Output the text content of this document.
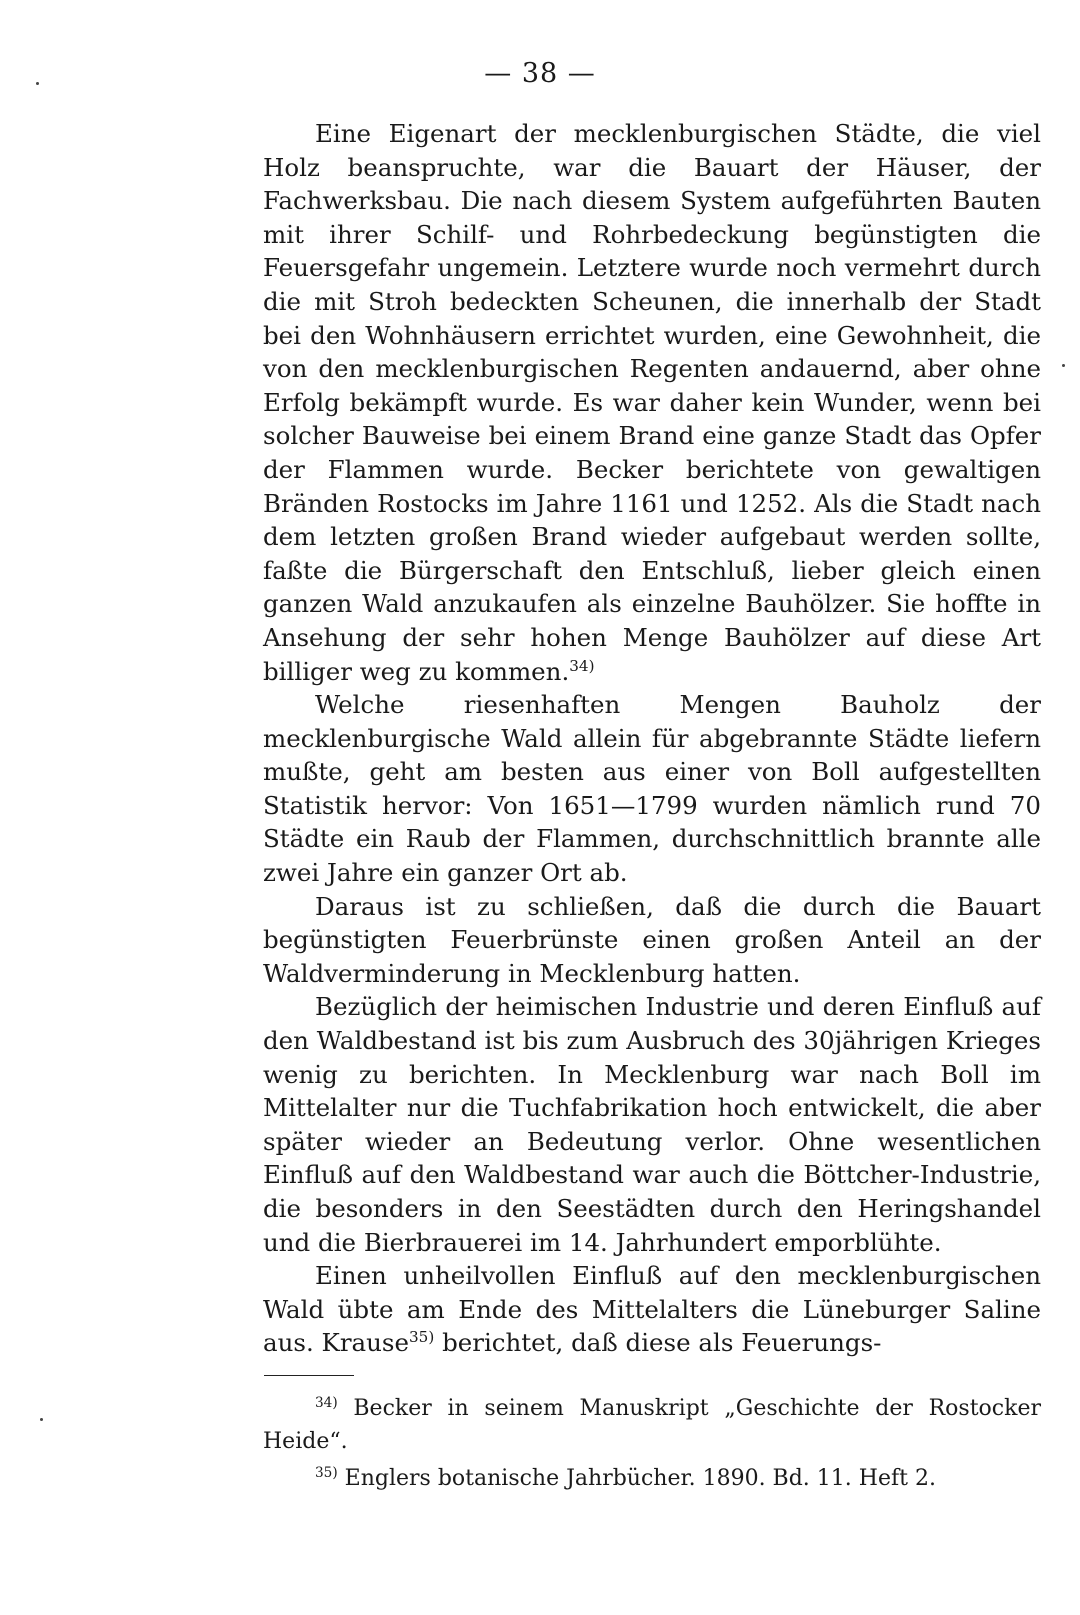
— 38 —

Eine Eigenart der mecklenburgischen Städte, die viel Holz beanspruchte, war die Bauart der Häuser, der Fachwerksbau. Die nach diesem System aufgeführten Bauten mit ihrer Schilf- und Rohrbedeckung begünstigten die Feuersgefahr ungemein. Letztere wurde noch vermehrt durch die mit Stroh bedeckten Scheunen, die innerhalb der Stadt bei den Wohnhäusern errichtet wurden, eine Gewohnheit, die von den mecklenburgischen Regenten andauernd, aber ohne Erfolg bekämpft wurde. Es war daher kein Wunder, wenn bei solcher Bauweise bei einem Brand eine ganze Stadt das Opfer der Flammen wurde. Becker berichtete von gewaltigen Bränden Rostocks im Jahre 1161 und 1252. Als die Stadt nach dem letzten großen Brand wieder aufgebaut werden sollte, faßte die Bürgerschaft den Entschluß, lieber gleich einen ganzen Wald anzukaufen als einzelne Bauhölzer. Sie hoffte in Ansehung der sehr hohen Menge Bauhölzer auf diese Art billiger weg zu kommen.$^{34)}$

Welche riesenhaften Mengen Bauholz der mecklenburgische Wald allein für abgebrannte Städte liefern mußte, geht am besten aus einer von Boll aufgestellten Statistik hervor: Von 1651—1799 wurden nämlich rund 70 Städte ein Raub der Flammen, durchschnittlich brannte alle zwei Jahre ein ganzer Ort ab.

Daraus ist zu schließen, daß die durch die Bauart begünstigten Feuerbrünste einen großen Anteil an der Waldverminderung in Mecklenburg hatten.

Bezüglich der heimischen Industrie und deren Einfluß auf den Waldbestand ist bis zum Ausbruch des 30jährigen Krieges wenig zu berichten. In Mecklenburg war nach Boll im Mittelalter nur die Tuchfabrikation hoch entwickelt, die aber später wieder an Bedeutung verlor. Ohne wesentlichen Einfluß auf den Waldbestand war auch die Böttcher-Industrie, die besonders in den Seestädten durch den Heringshandel und die Bierbrauerei im 14. Jahrhundert emporblühte.

Einen unheilvollen Einfluß auf den mecklenburgischen Wald übte am Ende des Mittelalters die Lüneburger Saline aus. Krause$^{35)}$ berichtet, daß diese als Feuerungs-

$^{34)}$ Becker in seinem Manuskript „Geschichte der Rostocker Heide“.

$^{35)}$ Englers botanische Jahrbücher. 1890. Bd. 11. Heft 2.
